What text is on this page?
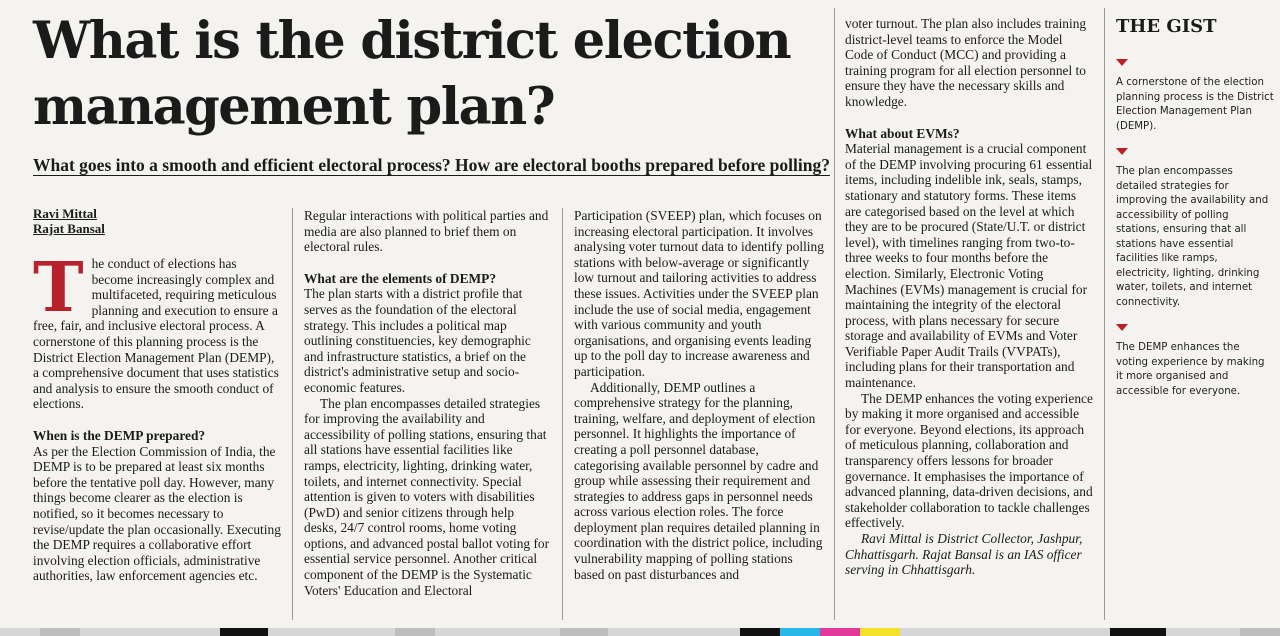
What is the district election management plan?
What goes into a smooth and efficient electoral process? How are electoral booths prepared before polling?
Ravi Mittal
Rajat Bansal

The conduct of elections has become increasingly complex and multifaceted, requiring meticulous planning and execution to ensure a free, fair, and inclusive electoral process. A cornerstone of this planning process is the District Election Management Plan (DEMP), a comprehensive document that uses statistics and analysis to ensure the smooth conduct of elections.

When is the DEMP prepared?

As per the Election Commission of India, the DEMP is to be prepared at least six months before the tentative poll day. However, many things become clearer as the election is notified, so it becomes necessary to revise/update the plan occasionally. Executing the DEMP requires a collaborative effort involving election officials, administrative authorities, law enforcement agencies etc.

Regular interactions with political parties and media are also planned to brief them on electoral rules.

What are the elements of DEMP?

The plan starts with a district profile that serves as the foundation of the electoral strategy. This includes a political map outlining constituencies, key demographic and infrastructure statistics, a brief on the district's administrative setup and socio-economic features.

The plan encompasses detailed strategies for improving the availability and accessibility of polling stations, ensuring that all stations have essential facilities like ramps, electricity, lighting, drinking water, toilets, and internet connectivity. Special attention is given to voters with disabilities (PwD) and senior citizens through help desks, 24/7 control rooms, home voting options, and advanced postal ballot voting for essential service personnel. Another critical component of the DEMP is the Systematic Voters' Education and Electoral

Participation (SVEEP) plan, which focuses on increasing electoral participation. It involves analysing voter turnout data to identify polling stations with below-average or significantly low turnout and tailoring activities to address these issues. Activities under the SVEEP plan include the use of social media, engagement with various community and youth organisations, and organising events leading up to the poll day to increase awareness and participation.

Additionally, DEMP outlines a comprehensive strategy for the planning, training, welfare, and deployment of election personnel. It highlights the importance of creating a poll personnel database, categorising available personnel by cadre and group while assessing their requirement and strategies to address gaps in personnel needs across various election roles. The force deployment plan requires detailed planning in coordination with the district police, including vulnerability mapping of polling stations based on past disturbances and

voter turnout. The plan also includes training district-level teams to enforce the Model Code of Conduct (MCC) and providing a training program for all election personnel to ensure they have the necessary skills and knowledge.

What about EVMs?

Material management is a crucial component of the DEMP involving procuring 61 essential items, including indelible ink, seals, stamps, stationary and statutory forms. These items are categorised based on the level at which they are to be procured (State/U.T. or district level), with timelines ranging from two-to-three weeks to four months before the election. Similarly, Electronic Voting Machines (EVMs) management is crucial for maintaining the integrity of the electoral process, with plans necessary for secure storage and availability of EVMs and Voter Verifiable Paper Audit Trails (VVPATs), including plans for their transportation and maintenance.

The DEMP enhances the voting experience by making it more organised and accessible for everyone. Beyond elections, its approach of meticulous planning, collaboration and transparency offers lessons for broader governance. It emphasises the importance of advanced planning, data-driven decisions, and stakeholder collaboration to tackle challenges effectively.

Ravi Mittal is District Collector, Jashpur, Chhattisgarh. Rajat Bansal is an IAS officer serving in Chhattisgarh.

THE GIST

A cornerstone of the election planning process is the District Election Management Plan (DEMP).

The plan encompasses detailed strategies for improving the availability and accessibility of polling stations, ensuring that all stations have essential facilities like ramps, electricity, lighting, drinking water, toilets, and internet connectivity.

The DEMP enhances the voting experience by making it more organised and accessible for everyone.
